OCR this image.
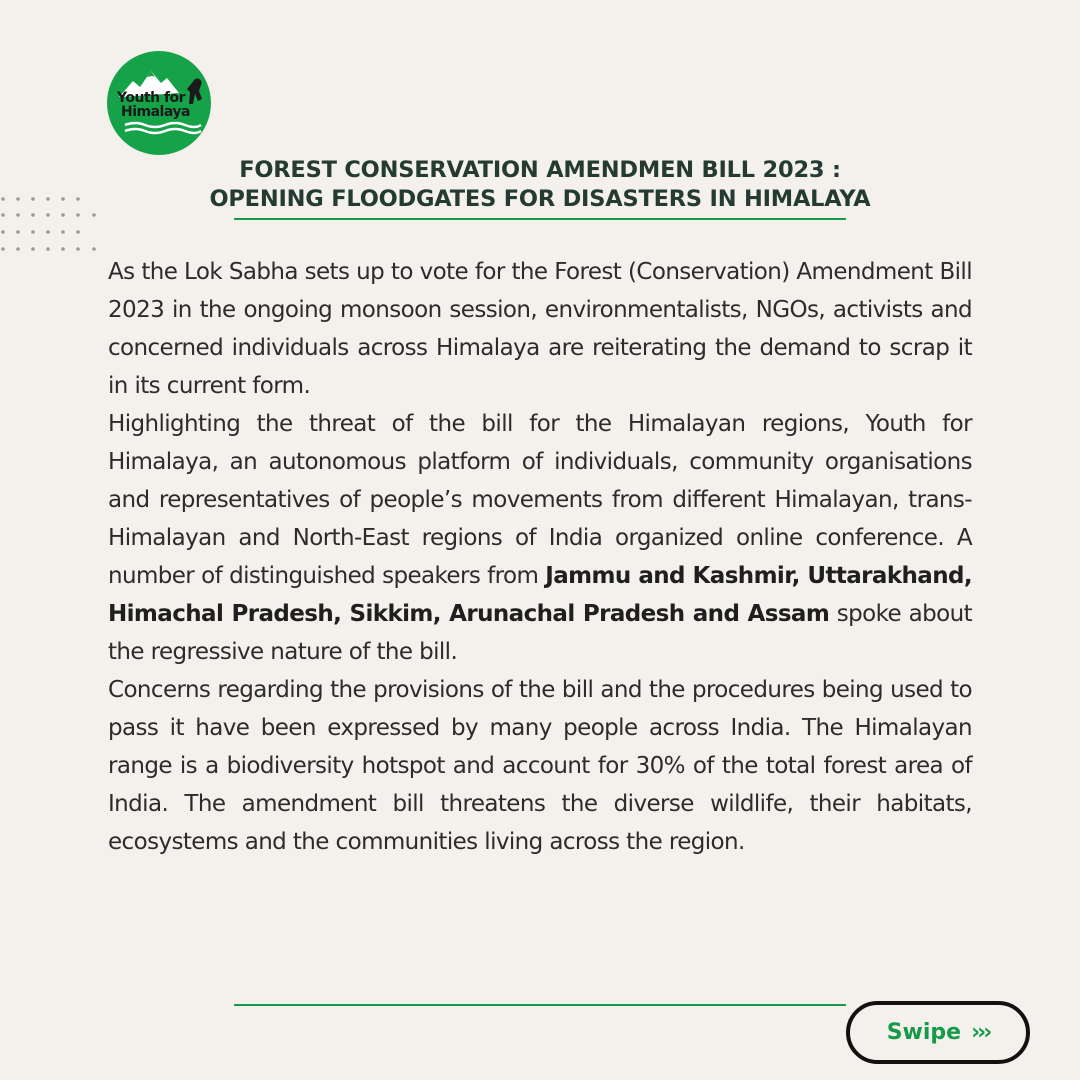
Youth for
Himalaya
FOREST CONSERVATION AMENDMEN BILL 2023 :
OPENING FLOODGATES FOR DISASTERS IN HIMALAYA

As the Lok Sabha sets up to vote for the Forest (Conservation) Amendment Bill 2023 in the ongoing monsoon session, environmentalists, NGOs, activists and concerned individuals across Himalaya are reiterating the demand to scrap it in its current form.

Highlighting the threat of the bill for the Himalayan regions, Youth for Himalaya, an autonomous platform of individuals, community organisations and representatives of people’s movements from different Himalayan, trans-Himalayan and North-East regions of India organized online conference. A number of distinguished speakers from Jammu and Kashmir, Uttarakhand, Himachal Pradesh, Sikkim, Arunachal Pradesh and Assam spoke about the regressive nature of the bill.

Concerns regarding the provisions of the bill and the procedures being used to pass it have been expressed by many people across India. The Himalayan range is a biodiversity hotspot and account for 30% of the total forest area of India. The amendment bill threatens the diverse wildlife, their habitats, ecosystems and the communities living across the region.

Swipe ›››
